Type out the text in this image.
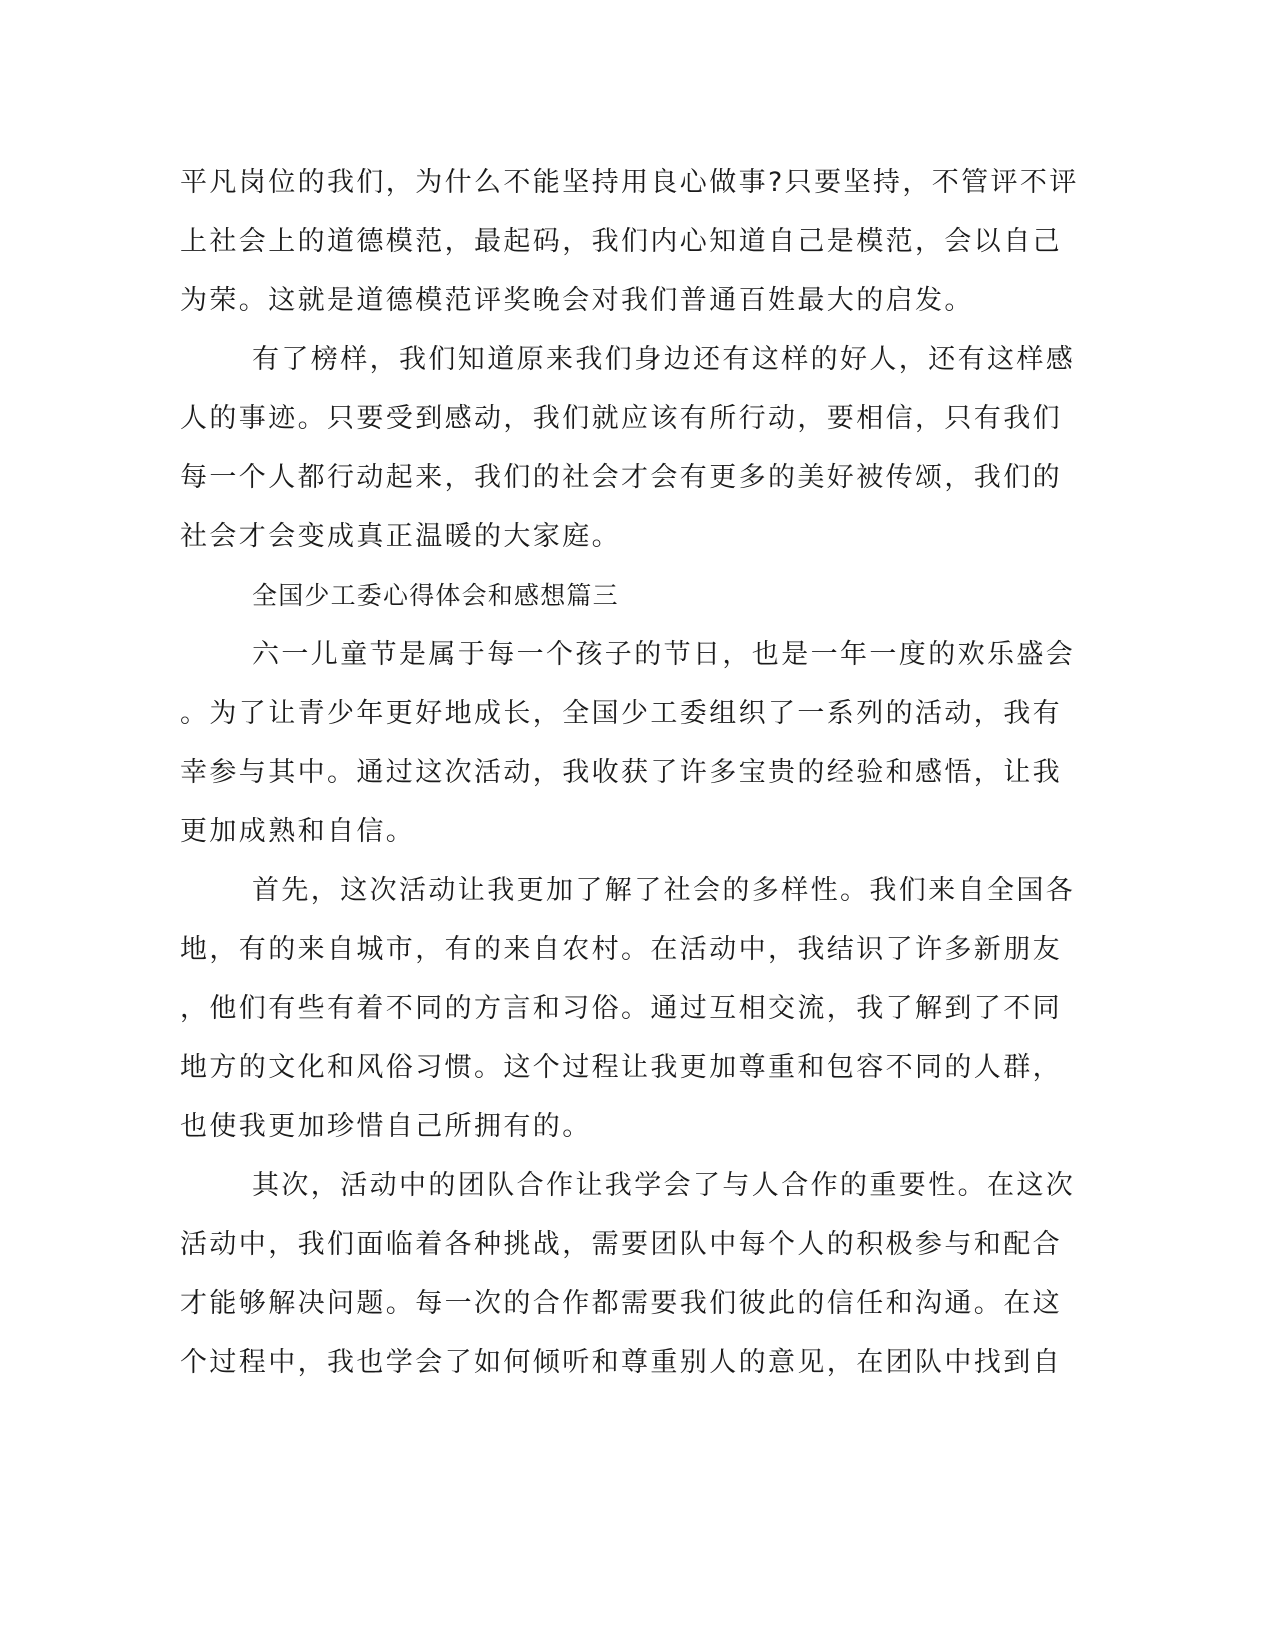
平凡岗位的我们，为什么不能坚持用良心做事?只要坚持，不管评不评
上社会上的道德模范，最起码，我们内心知道自己是模范，会以自己
为荣。这就是道德模范评奖晚会对我们普通百姓最大的启发。
有了榜样，我们知道原来我们身边还有这样的好人，还有这样感
人的事迹。只要受到感动，我们就应该有所行动，要相信，只有我们
每一个人都行动起来，我们的社会才会有更多的美好被传颂，我们的
社会才会变成真正温暖的大家庭。
全国少工委心得体会和感想篇三
六一儿童节是属于每一个孩子的节日，也是一年一度的欢乐盛会
。为了让青少年更好地成长，全国少工委组织了一系列的活动，我有
幸参与其中。通过这次活动，我收获了许多宝贵的经验和感悟，让我
更加成熟和自信。
首先，这次活动让我更加了解了社会的多样性。我们来自全国各
地，有的来自城市，有的来自农村。在活动中，我结识了许多新朋友
，他们有些有着不同的方言和习俗。通过互相交流，我了解到了不同
地方的文化和风俗习惯。这个过程让我更加尊重和包容不同的人群，
也使我更加珍惜自己所拥有的。
其次，活动中的团队合作让我学会了与人合作的重要性。在这次
活动中，我们面临着各种挑战，需要团队中每个人的积极参与和配合
才能够解决问题。每一次的合作都需要我们彼此的信任和沟通。在这
个过程中，我也学会了如何倾听和尊重别人的意见，在团队中找到自
